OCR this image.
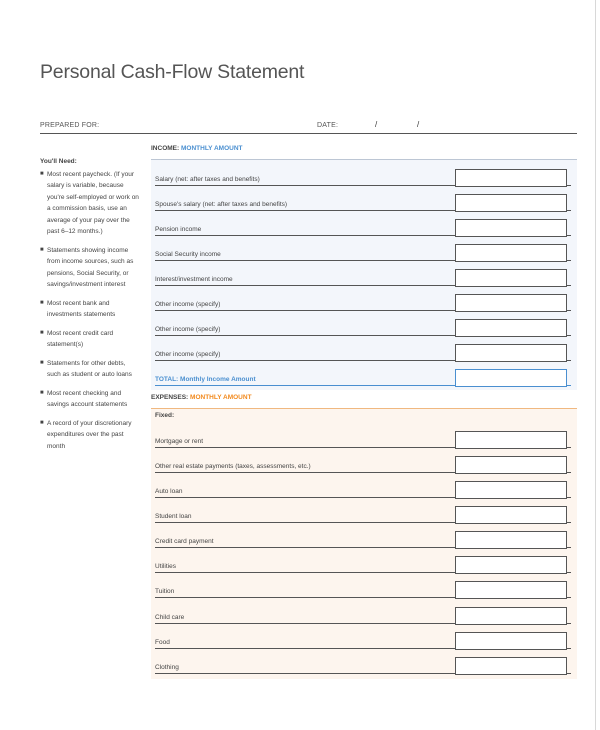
Personal Cash-Flow Statement
PREPARED FOR:	DATE:	/	/
You'll Need:
■ Most recent paycheck. (If your salary is variable, because you're self-employed or work on a commission basis, use an average of your pay over the past 6–12 months.)
■ Statements showing income from income sources, such as pensions, Social Security, or savings/investment interest
■ Most recent bank and investments statements
■ Most recent credit card statement(s)
■ Statements for other debts, such as student or auto loans
■ Most recent checking and savings account statements
■ A record of your discretionary expenditures over the past month
INCOME: MONTHLY AMOUNT
Salary (net: after taxes and benefits)
Spouse's salary (net: after taxes and benefits)
Pension income
Social Security income
Interest/investment income
Other income (specify)
Other income (specify)
Other income (specify)
TOTAL: Monthly Income Amount
EXPENSES: MONTHLY AMOUNT
Fixed:
Mortgage or rent
Other real estate payments (taxes, assessments, etc.)
Auto loan
Student loan
Credit card payment
Utilities
Tuition
Child care
Food
Clothing
